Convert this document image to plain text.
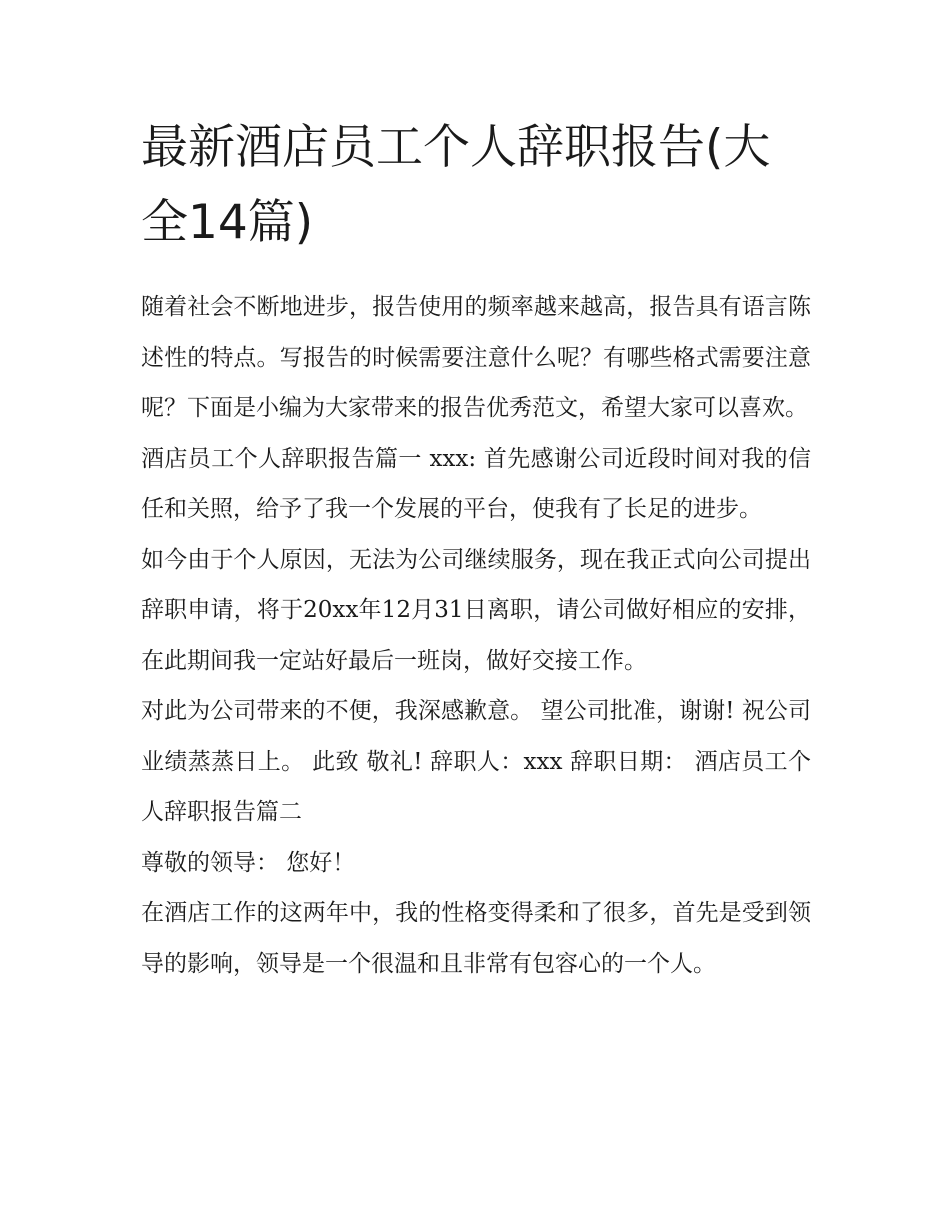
最新酒店员工个人辞职报告(大全14篇)

随着社会不断地进步，报告使用的频率越来越高，报告具有语言陈述性的特点。写报告的时候需要注意什么呢？有哪些格式需要注意呢？下面是小编为大家带来的报告优秀范文，希望大家可以喜欢。

酒店员工个人辞职报告篇一 xxx: 首先感谢公司近段时间对我的信任和关照，给予了我一个发展的平台，使我有了长足的进步。

如今由于个人原因，无法为公司继续服务，现在我正式向公司提出辞职申请，将于20xx年12月31日离职，请公司做好相应的安排，在此期间我一定站好最后一班岗，做好交接工作。

对此为公司带来的不便，我深感歉意。 望公司批准，谢谢! 祝公司业绩蒸蒸日上。 此致 敬礼! 辞职人：xxx 辞职日期： 酒店员工个人辞职报告篇二

尊敬的领导： 您好！

在酒店工作的这两年中，我的性格变得柔和了很多，首先是受到领导的影响，领导是一个很温和且非常有包容心的一个人。
